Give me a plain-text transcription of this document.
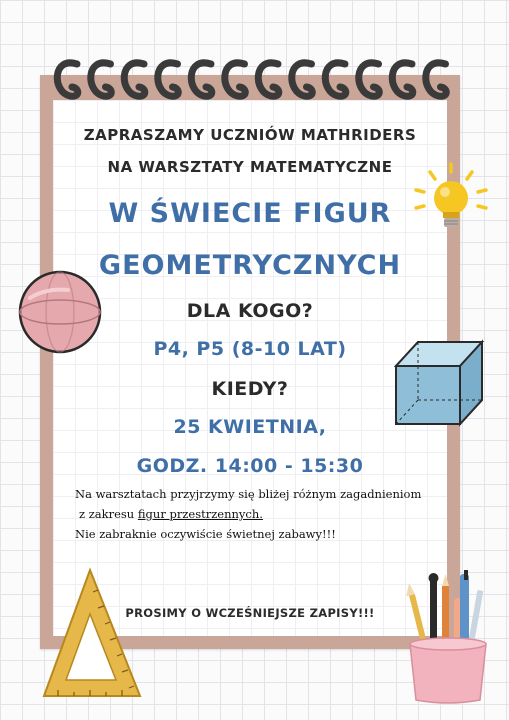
ZAPRASZAMY UCZNIÓW MATHRIDERS
NA WARSZTATY MATEMATYCZNE
W ŚWIECIE FIGUR
GEOMETRYCZNYCH
DLA KOGO?
P4, P5 (8-10 LAT)
KIEDY?
25 KWIETNIA,
GODZ. 14:00 - 15:30
Na warsztatach przyjrzymy się bliżej różnym zagadnieniom
z zakresu figur przestrzennych.
Nie zabraknie oczywiście świetnej zabawy!!!
PROSIMY O WCZEŚNIEJSZE ZAPISY!!!
